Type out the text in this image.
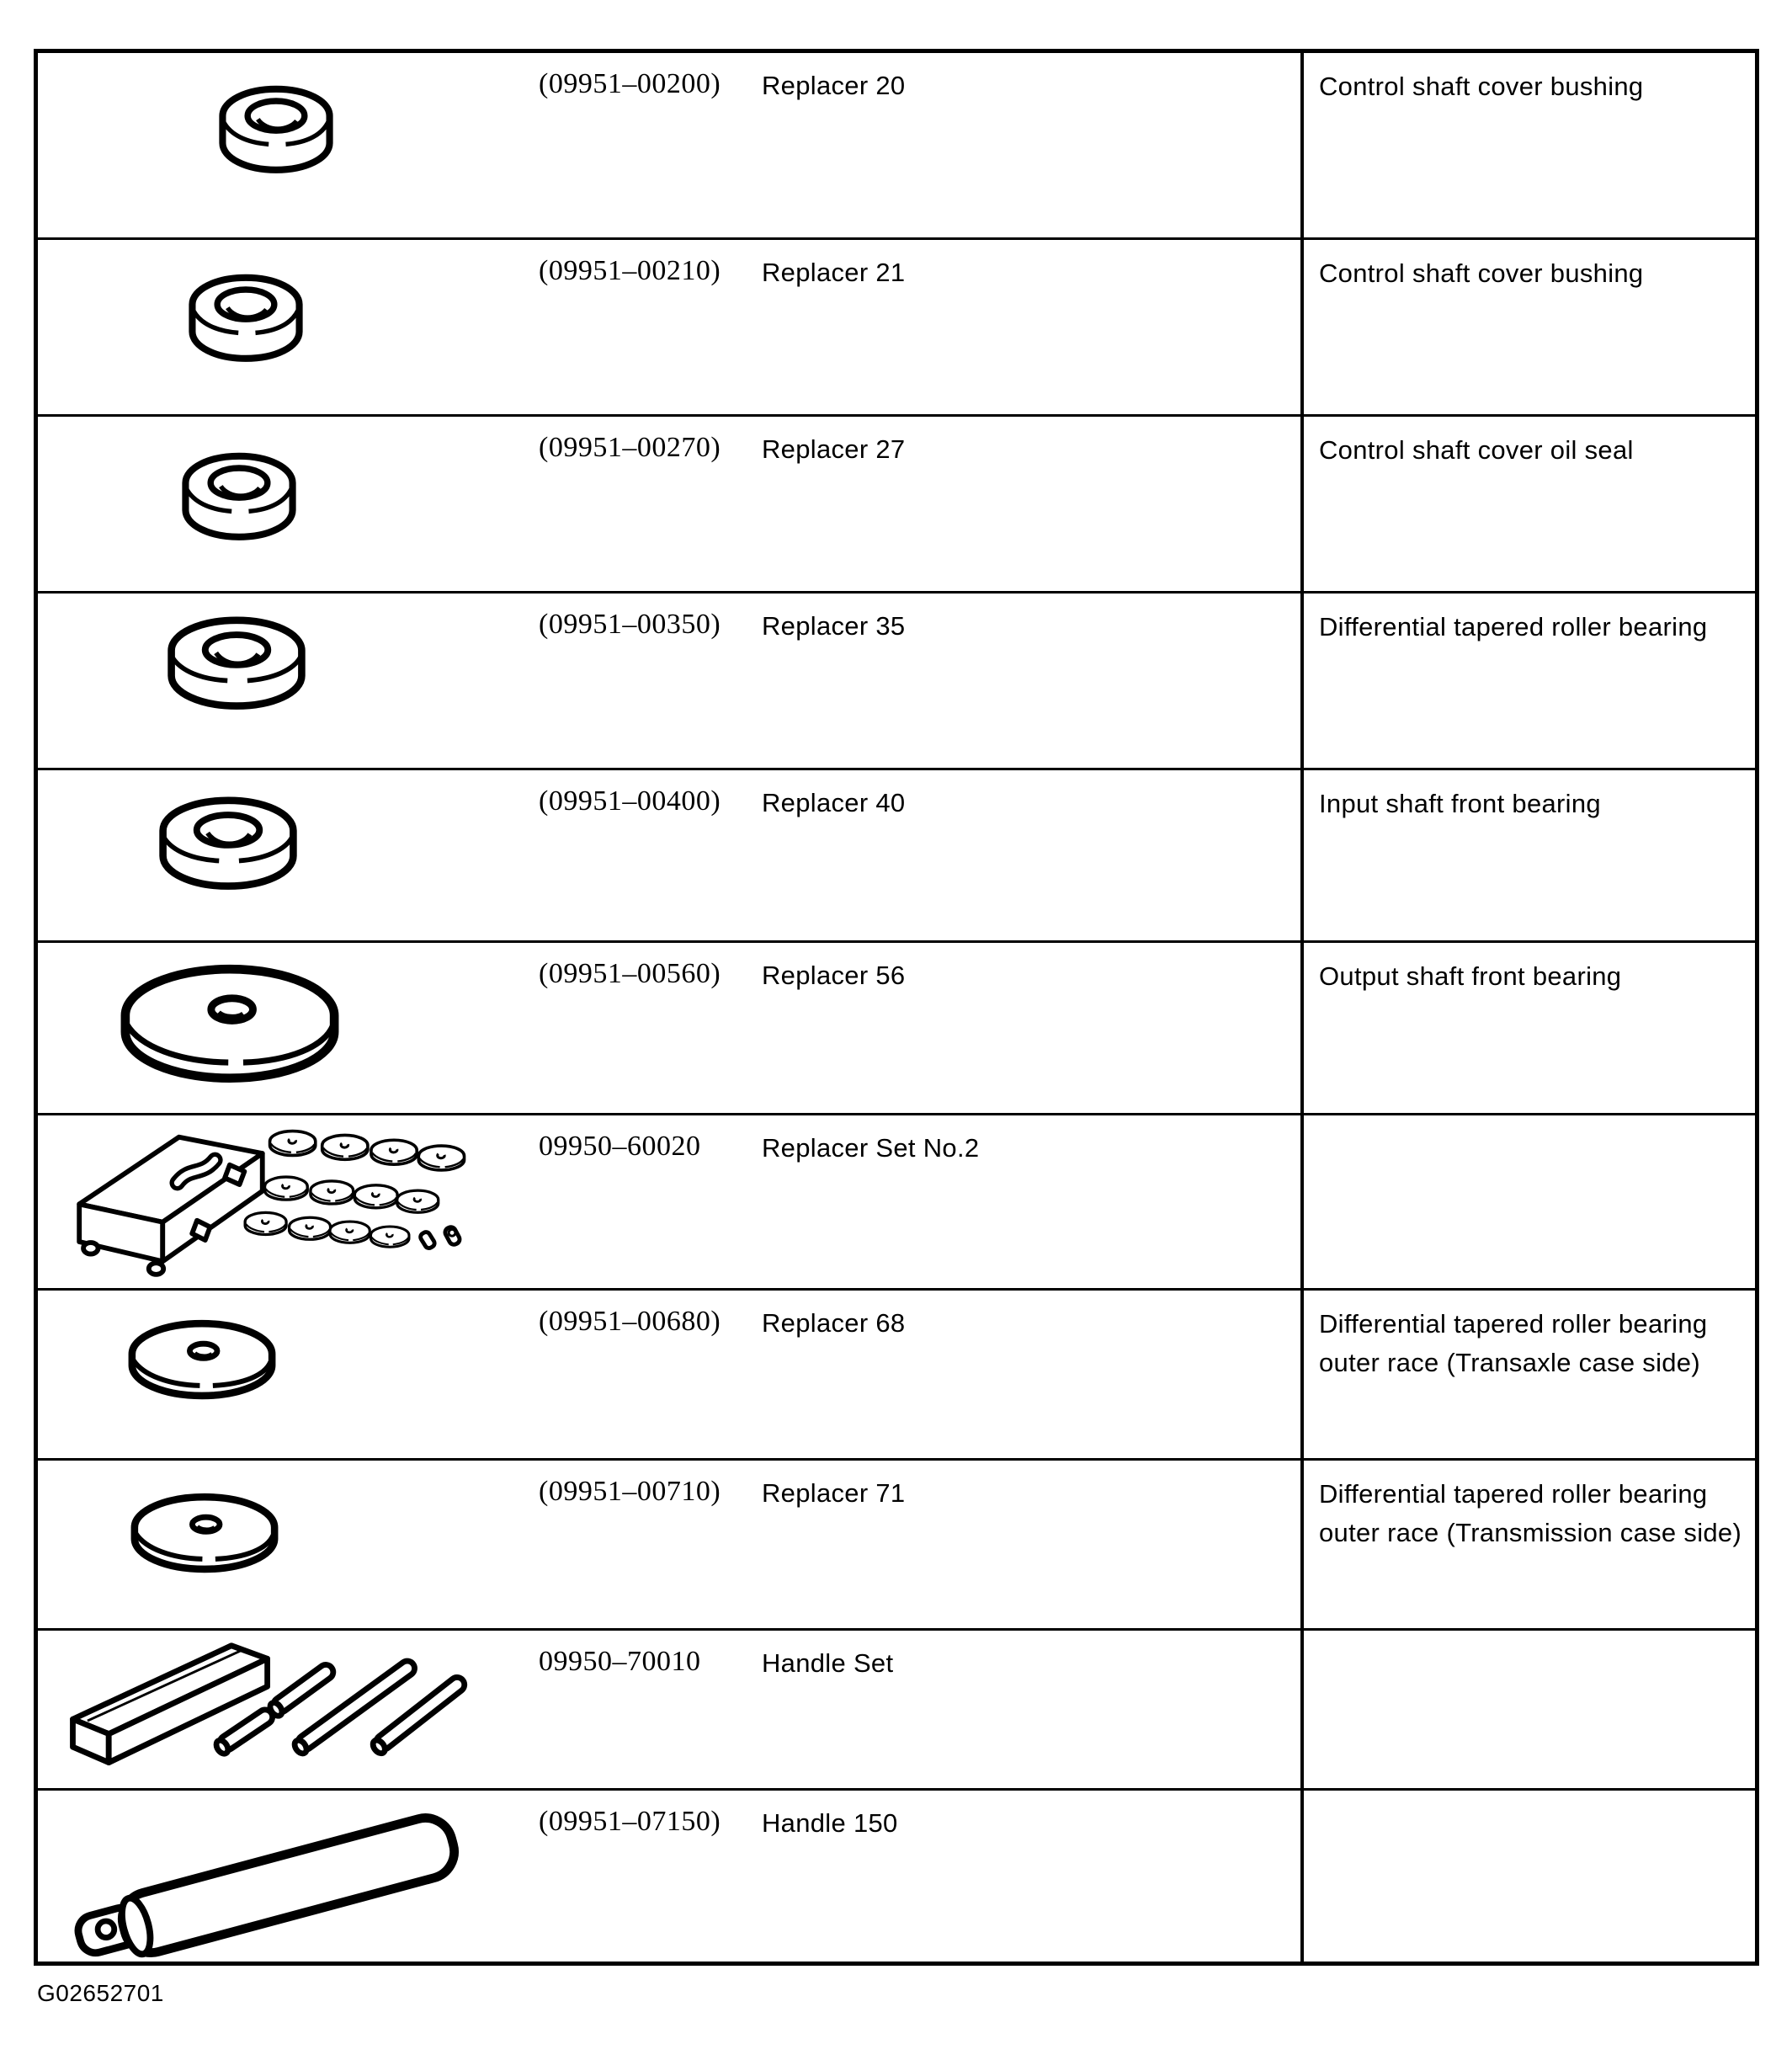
(09951–00200)	Replacer 20	Control shaft cover bushing
(09951–00210)	Replacer 21	Control shaft cover bushing
(09951–00270)	Replacer 27	Control shaft cover oil seal
(09951–00350)	Replacer 35	Differential tapered roller bearing
(09951–00400)	Replacer 40	Input shaft front bearing
(09951–00560)	Replacer 56	Output shaft front bearing
09950–60020	Replacer Set No.2
(09951–00680)	Replacer 68	Differential tapered roller bearing outer race (Transaxle case side)
(09951–00710)	Replacer 71	Differential tapered roller bearing outer race (Transmission case side)
09950–70010	Handle Set
(09951–07150)	Handle 150
G02652701
